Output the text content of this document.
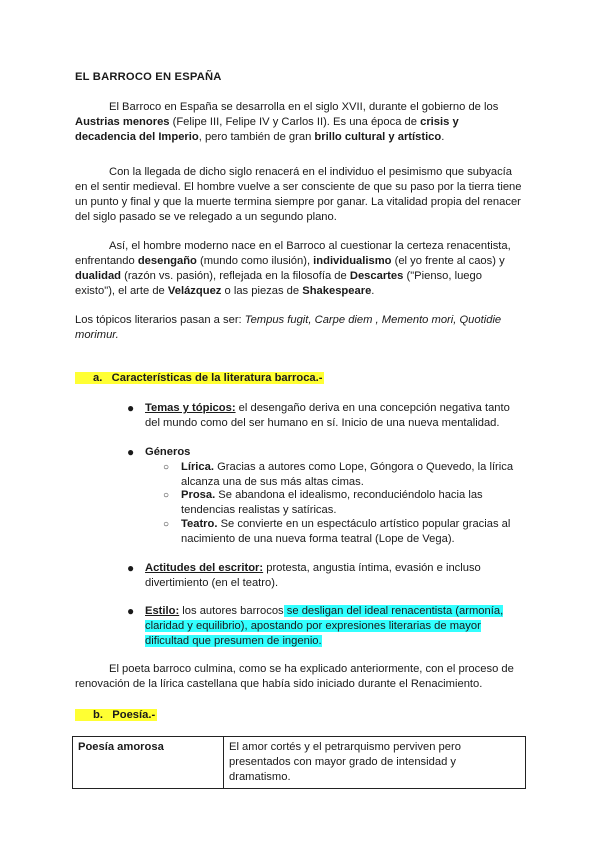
EL BARROCO EN ESPAÑA
El Barroco en España se desarrolla en el siglo XVII, durante el gobierno de los Austrias menores (Felipe III, Felipe IV y Carlos II). Es una época de crisis y decadencia del Imperio, pero también de gran brillo cultural y artístico.
Con la llegada de dicho siglo renacerá en el individuo el pesimismo que subyacía en el sentir medieval. El hombre vuelve a ser consciente de que su paso por la tierra tiene un punto y final y que la muerte termina siempre por ganar. La vitalidad propia del renacer del siglo pasado se ve relegado a un segundo plano.
Así, el hombre moderno nace en el Barroco al cuestionar la certeza renacentista, enfrentando desengaño (mundo como ilusión), individualismo (el yo frente al caos) y dualidad (razón vs. pasión), reflejada en la filosofía de Descartes ("Pienso, luego existo"), el arte de Velázquez o las piezas de Shakespeare.
Los tópicos literarios pasan a ser: Tempus fugit, Carpe diem , Memento mori, Quotidie morimur.
a. Características de la literatura barroca.-
● Temas y tópicos: el desengaño deriva en una concepción negativa tanto del mundo como del ser humano en sí. Inicio de una nueva mentalidad.
● Géneros
○	Lírica. Gracias a autores como Lope, Góngora o Quevedo, la lírica alcanza una de sus más altas cimas.
○	Prosa. Se abandona el idealismo, reconduciéndolo hacia las tendencias realistas y satíricas.
○	Teatro. Se convierte en un espectáculo artístico popular gracias al nacimiento de una nueva forma teatral (Lope de Vega).
● Actitudes del escritor: protesta, angustia íntima, evasión e incluso divertimiento (en el teatro).
● Estilo: los autores barrocos se desligan del ideal renacentista (armonía, claridad y equilibrio), apostando por expresiones literarias de mayor dificultad que presumen de ingenio.
El poeta barroco culmina, como se ha explicado anteriormente, con el proceso de renovación de la lírica castellana que había sido iniciado durante el Renacimiento.
b. Poesía.-
Poesía amorosa	El amor cortés y el petrarquismo perviven pero presentados con mayor grado de intensidad y dramatismo.
